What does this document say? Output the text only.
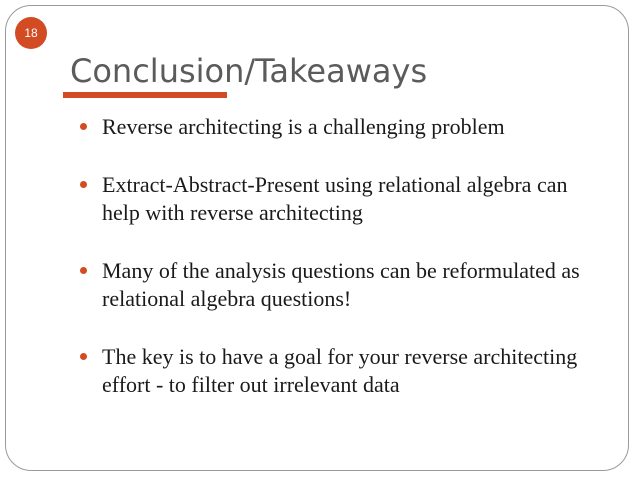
18
Conclusion/Takeaways
Reverse architecting is a challenging problem
Extract-Abstract-Present using relational algebra can help with reverse architecting
Many of the analysis questions can be reformulated as relational algebra questions!
The key is to have a goal for your reverse architecting effort - to filter out irrelevant data
